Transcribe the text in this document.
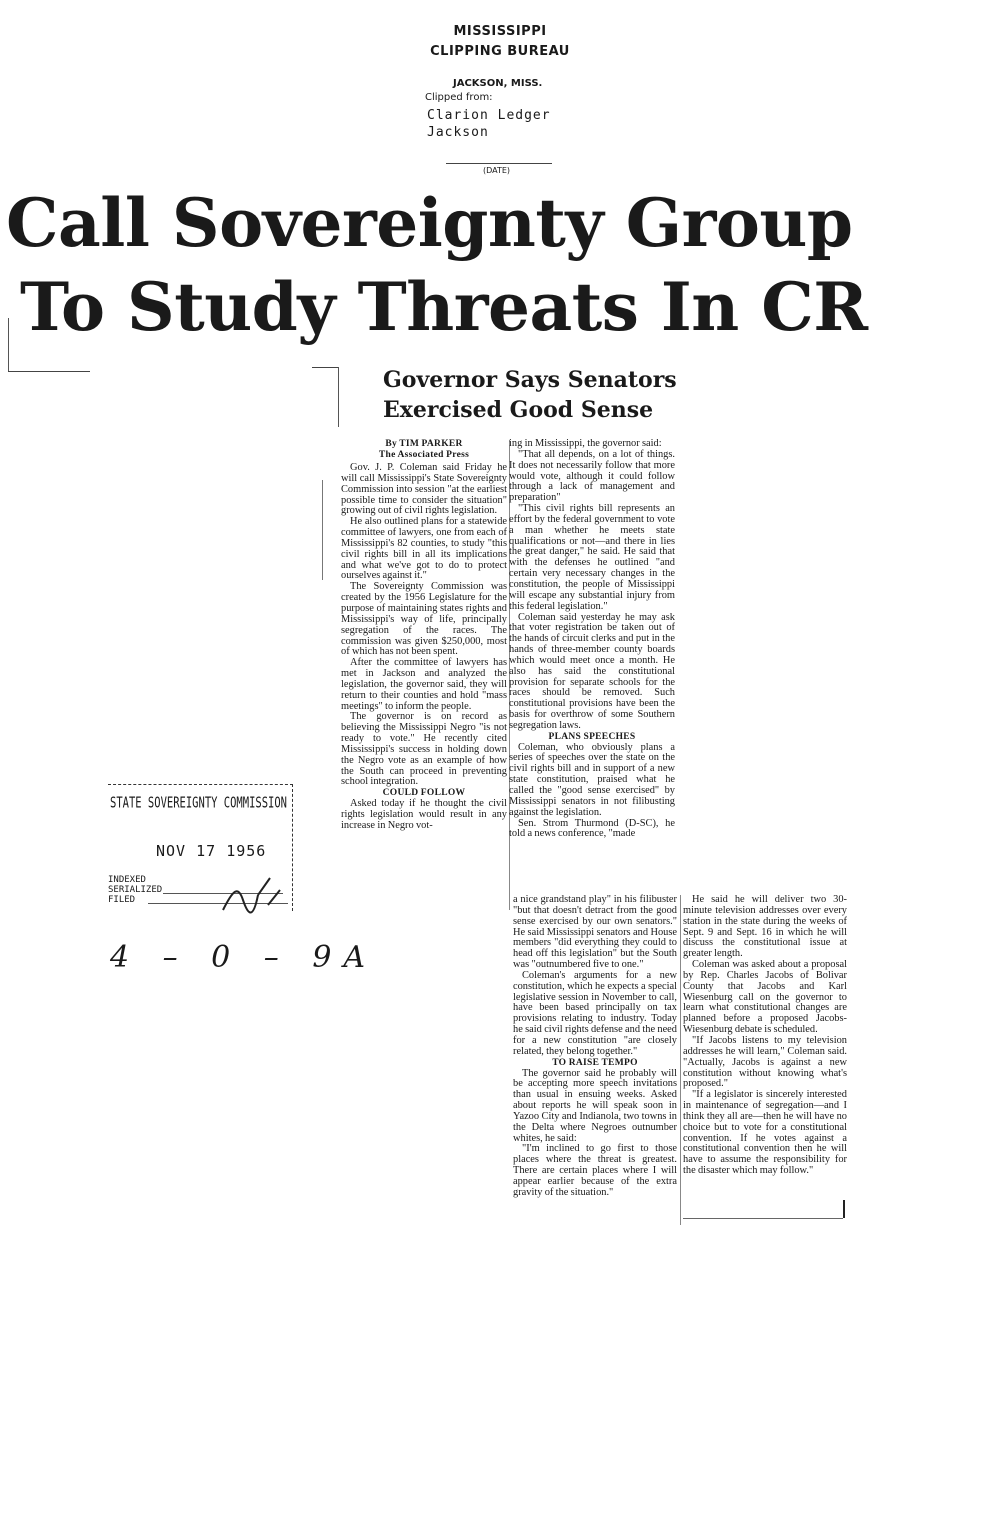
MISSISSIPPI
CLIPPING BUREAU
JACKSON, MISS.
Clipped from:
Clarion Ledger
Jackson
(DATE)
Call Sovereignty Group
To Study Threats In CR
Governor Says Senators
Exercised Good Sense

By TIM PARKER

The Associated Press

Gov. J. P. Coleman said Friday he will call Mississippi's State Sovereignty Commission into session "at the earliest possible time to consider the situation" growing out of civil rights legislation.

He also outlined plans for a statewide committee of lawyers, one from each of Mississippi's 82 counties, to study "this civil rights bill in all its implications and what we've got to do to protect ourselves against it."

The Sovereignty Commission was created by the 1956 Legislature for the purpose of maintaining states rights and Mississippi's way of life, principally segregation of the races. The commission was given $250,000, most of which has not been spent.

After the committee of lawyers has met in Jackson and analyzed the legislation, the governor said, they will return to their counties and hold "mass meetings" to inform the people.

The governor is on record as believing the Mississippi Negro "is not ready to vote." He recently cited Mississippi's success in holding down the Negro vote as an example of how the South can proceed in preventing school integration.

COULD FOLLOW

Asked today if he thought the civil rights legislation would result in any increase in Negro vot-

ing in Mississippi, the governor said:

"That all depends, on a lot of things. It does not necessarily follow that more would vote, although it could follow through a lack of management and preparation"

"This civil rights bill represents an effort by the federal government to vote a man whether he meets state qualifications or not—and there in lies the great danger," he said. He said that with the defenses he outlined "and certain very necessary changes in the constitution, the people of Mississippi will escape any substantial injury from this federal legislation."

Coleman said yesterday he may ask that voter registration be taken out of the hands of circuit clerks and put in the hands of three-member county boards which would meet once a month. He also has said the constitutional provision for separate schools for the races should be removed. Such constitutional provisions have been the basis for overthrow of some Southern segregation laws.

PLANS SPEECHES

Coleman, who obviously plans a series of speeches over the state on the civil rights bill and in support of a new state constitution, praised what he called the "good sense exercised" by Mississippi senators in not filibusting against the legislation.

Sen. Strom Thurmond (D-SC), he told a news conference, "made

a nice grandstand play" in his filibuster "but that doesn't detract from the good sense exercised by our own senators." He said Mississippi senators and House members "did everything they could to head off this legislation" but the South was "outnumbered five to one."

Coleman's arguments for a new constitution, which he expects a special legislative session in November to call, have been based principally on tax provisions relating to industry. Today he said civil rights defense and the need for a new constitution "are closely related, they belong together."

TO RAISE TEMPO

The governor said he probably will be accepting more speech invitations than usual in ensuing weeks. Asked about reports he will speak soon in Yazoo City and Indianola, two towns in the Delta where Negroes outnumber whites, he said:

"I'm inclined to go first to those places where the threat is greatest. There are certain places where I will appear earlier because of the extra gravity of the situation."

He said he will deliver two 30-minute television addresses over every station in the state during the weeks of Sept. 9 and Sept. 16 in which he will discuss the constitutional issue at greater length.

Coleman was asked about a proposal by Rep. Charles Jacobs of Bolivar County that Jacobs and Karl Wiesenburg call on the governor to learn what constitutional changes are planned before a proposed Jacobs-Wiesenburg debate is scheduled.

"If Jacobs listens to my television addresses he will learn," Coleman said. "Actually, Jacobs is against a new constitution without knowing what's proposed."

"If a legislator is sincerely interested in maintenance of segregation—and I think they all are—then he will have no choice but to vote for a constitutional convention. If he votes against a constitutional convention then he will have to assume the responsibility for the disaster which may follow."

STATE SOVEREIGNTY COMMISSION
NOV 17 1956
INDEXED
SERIALIZED
FILED
4 – 0 – 9A
